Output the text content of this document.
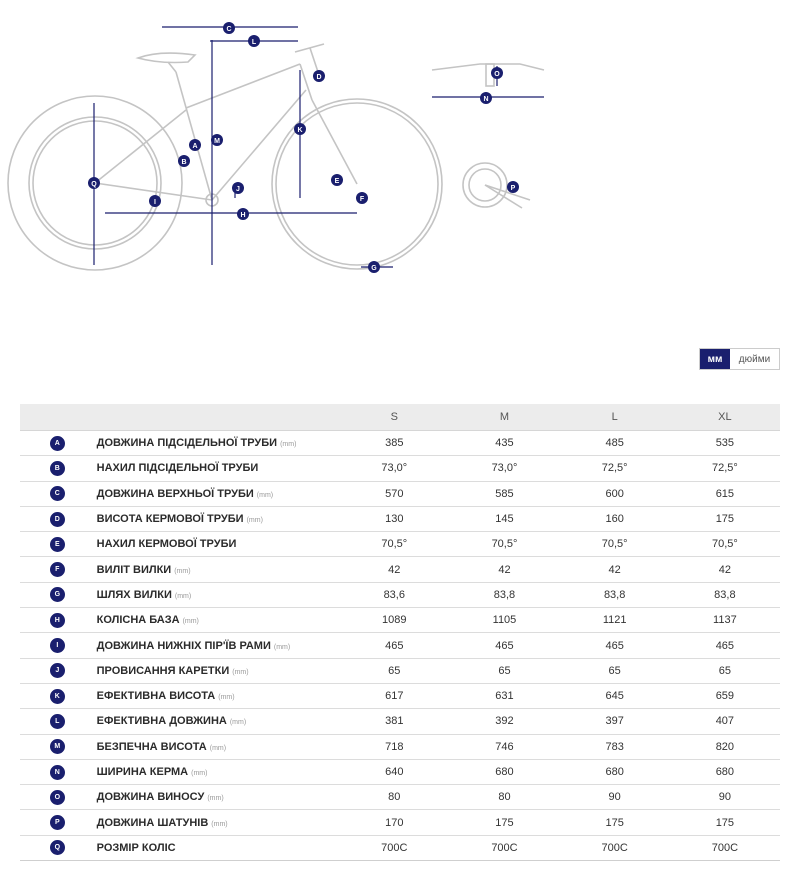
C
L
D
K
M
A
B
Q
I
J
H
E
F
G
O
N
P
мм	дюйми
		S	M	L	XL
A	ДОВЖИНА ПІДСІДЕЛЬНОЇ ТРУБИ (mm)	385	435	485	535
B	НАХИЛ ПІДСІДЕЛЬНОЇ ТРУБИ	73,0°	73,0°	72,5°	72,5°
C	ДОВЖИНА ВЕРХНЬОЇ ТРУБИ (mm)	570	585	600	615
D	ВИСОТА КЕРМОВОЇ ТРУБИ (mm)	130	145	160	175
E	НАХИЛ КЕРМОВОЇ ТРУБИ	70,5°	70,5°	70,5°	70,5°
F	ВИЛІТ ВИЛКИ (mm)	42	42	42	42
G	ШЛЯХ ВИЛКИ (mm)	83,6	83,8	83,8	83,8
H	КОЛІСНА БАЗА (mm)	1089	1105	1121	1137
I	ДОВЖИНА НИЖНІХ ПІР'ЇВ РАМИ (mm)	465	465	465	465
J	ПРОВИСАННЯ КАРЕТКИ (mm)	65	65	65	65
K	ЕФЕКТИВНА ВИСОТА (mm)	617	631	645	659
L	ЕФЕКТИВНА ДОВЖИНА (mm)	381	392	397	407
M	БЕЗПЕЧНА ВИСОТА (mm)	718	746	783	820
N	ШИРИНА КЕРМА (mm)	640	680	680	680
O	ДОВЖИНА ВИНОСУ (mm)	80	80	90	90
P	ДОВЖИНА ШАТУНІВ (mm)	170	175	175	175
Q	РОЗМІР КОЛІС	700C	700C	700C	700C
